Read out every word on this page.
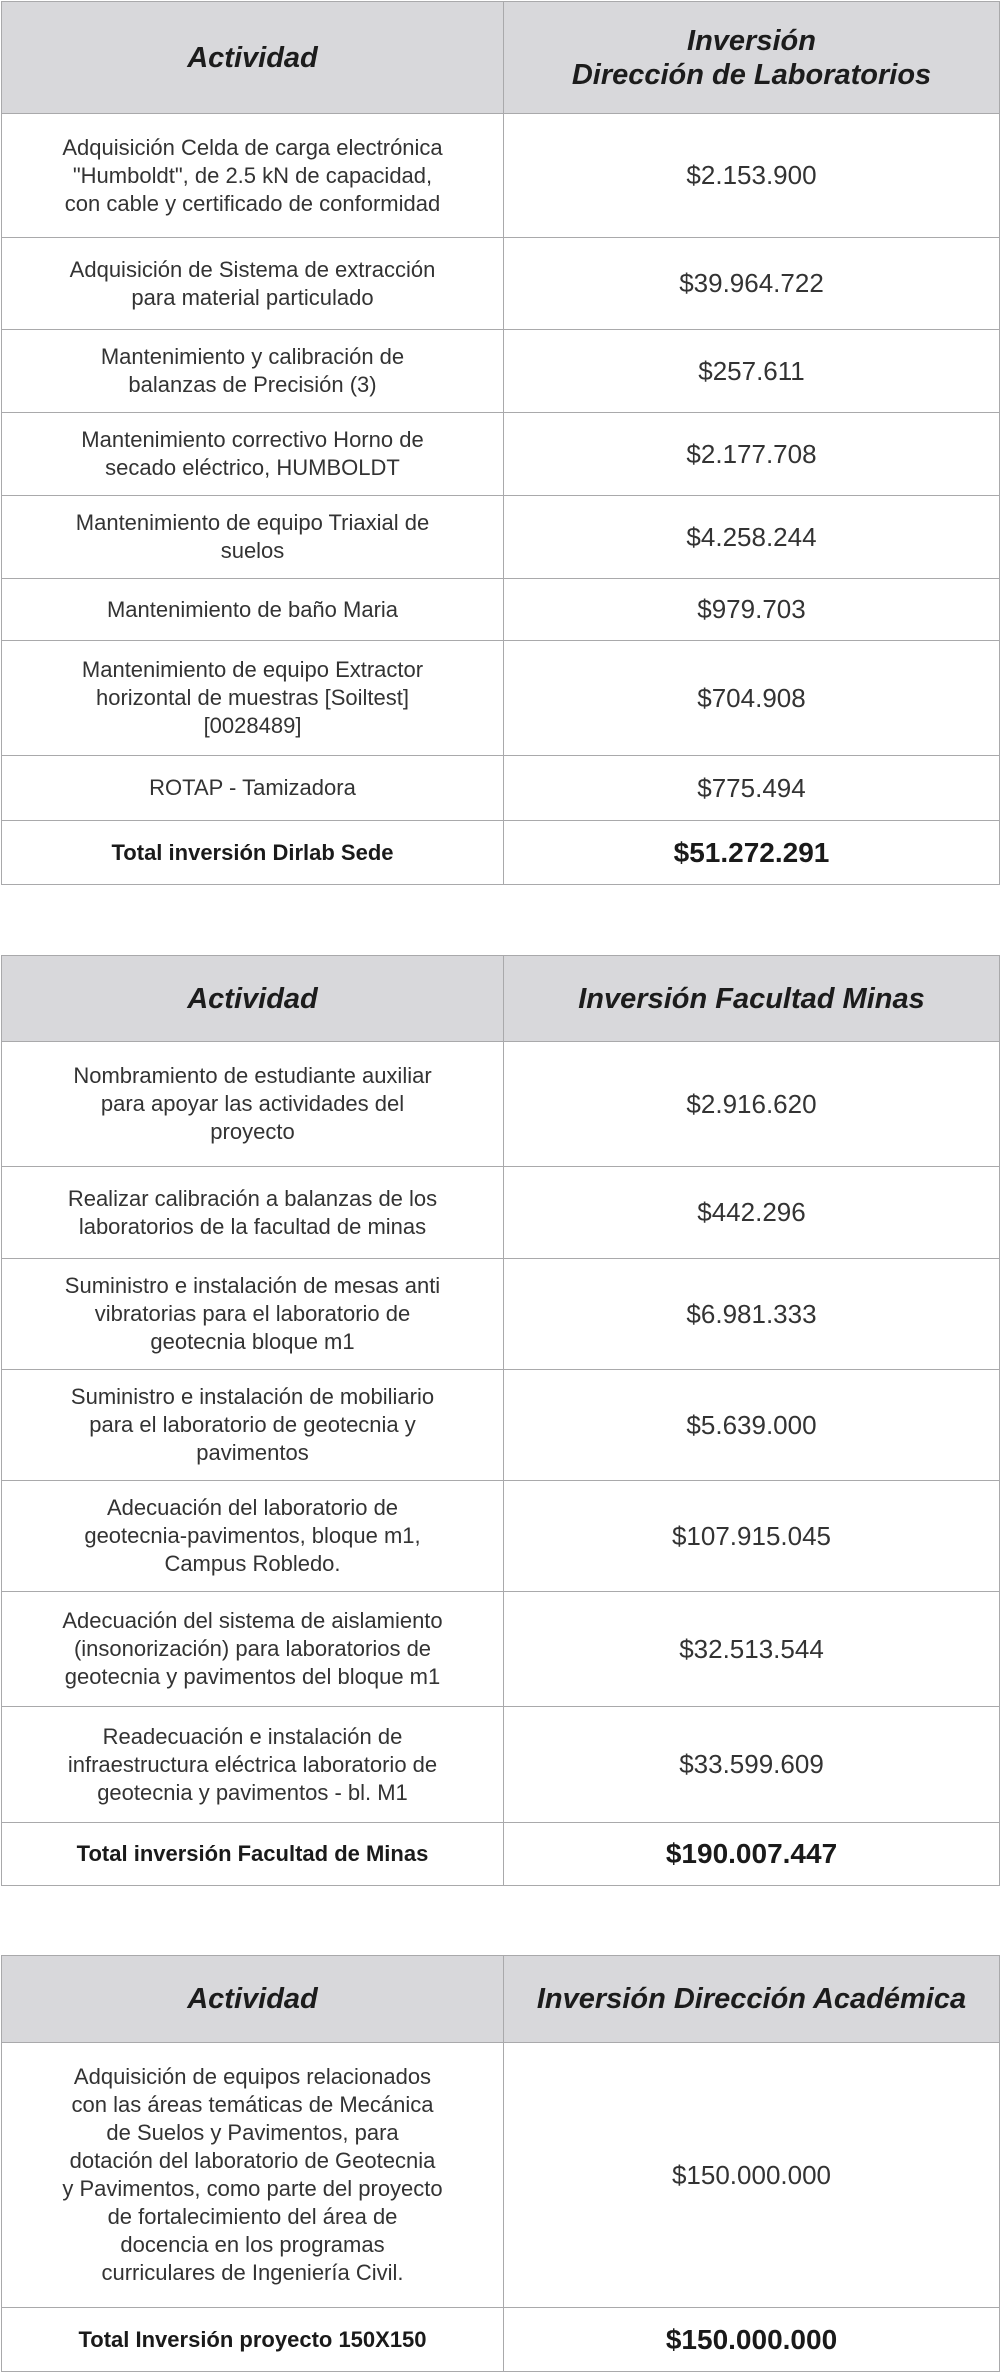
Actividad	Inversión
Dirección de Laboratorios
Adquisición Celda de carga electrónica "Humboldt", de 2.5 kN de capacidad, con cable y certificado de conformidad	$2.153.900
Adquisición de Sistema de extracción para material particulado	$39.964.722
Mantenimiento y calibración de balanzas de Precisión (3)	$257.611
Mantenimiento correctivo Horno de secado eléctrico, HUMBOLDT	$2.177.708
Mantenimiento de equipo Triaxial de suelos	$4.258.244
Mantenimiento de baño Maria	$979.703
Mantenimiento de equipo Extractor horizontal de muestras [Soiltest] [0028489]	$704.908
ROTAP - Tamizadora	$775.494
Total inversión Dirlab Sede	$51.272.291
Actividad	Inversión Facultad Minas
Nombramiento de estudiante auxiliar para apoyar las actividades del proyecto	$2.916.620
Realizar calibración a balanzas de los laboratorios de la facultad de minas	$442.296
Suministro e instalación de mesas anti vibratorias para el laboratorio de geotecnia bloque m1	$6.981.333
Suministro e instalación de mobiliario para el laboratorio de geotecnia y pavimentos	$5.639.000
Adecuación del laboratorio de geotecnia-pavimentos, bloque m1, Campus Robledo.	$107.915.045
Adecuación del sistema de aislamiento (insonorización) para laboratorios de geotecnia y pavimentos del bloque m1	$32.513.544
Readecuación e instalación de infraestructura eléctrica laboratorio de geotecnia y pavimentos - bl. M1	$33.599.609
Total inversión Facultad de Minas	$190.007.447
Actividad	Inversión Dirección Académica
Adquisición de equipos relacionados con las áreas temáticas de Mecánica de Suelos y Pavimentos, para dotación del laboratorio de Geotecnia y Pavimentos, como parte del proyecto de fortalecimiento del área de docencia en los programas curriculares de Ingeniería Civil.	$150.000.000
Total Inversión proyecto 150X150	$150.000.000
